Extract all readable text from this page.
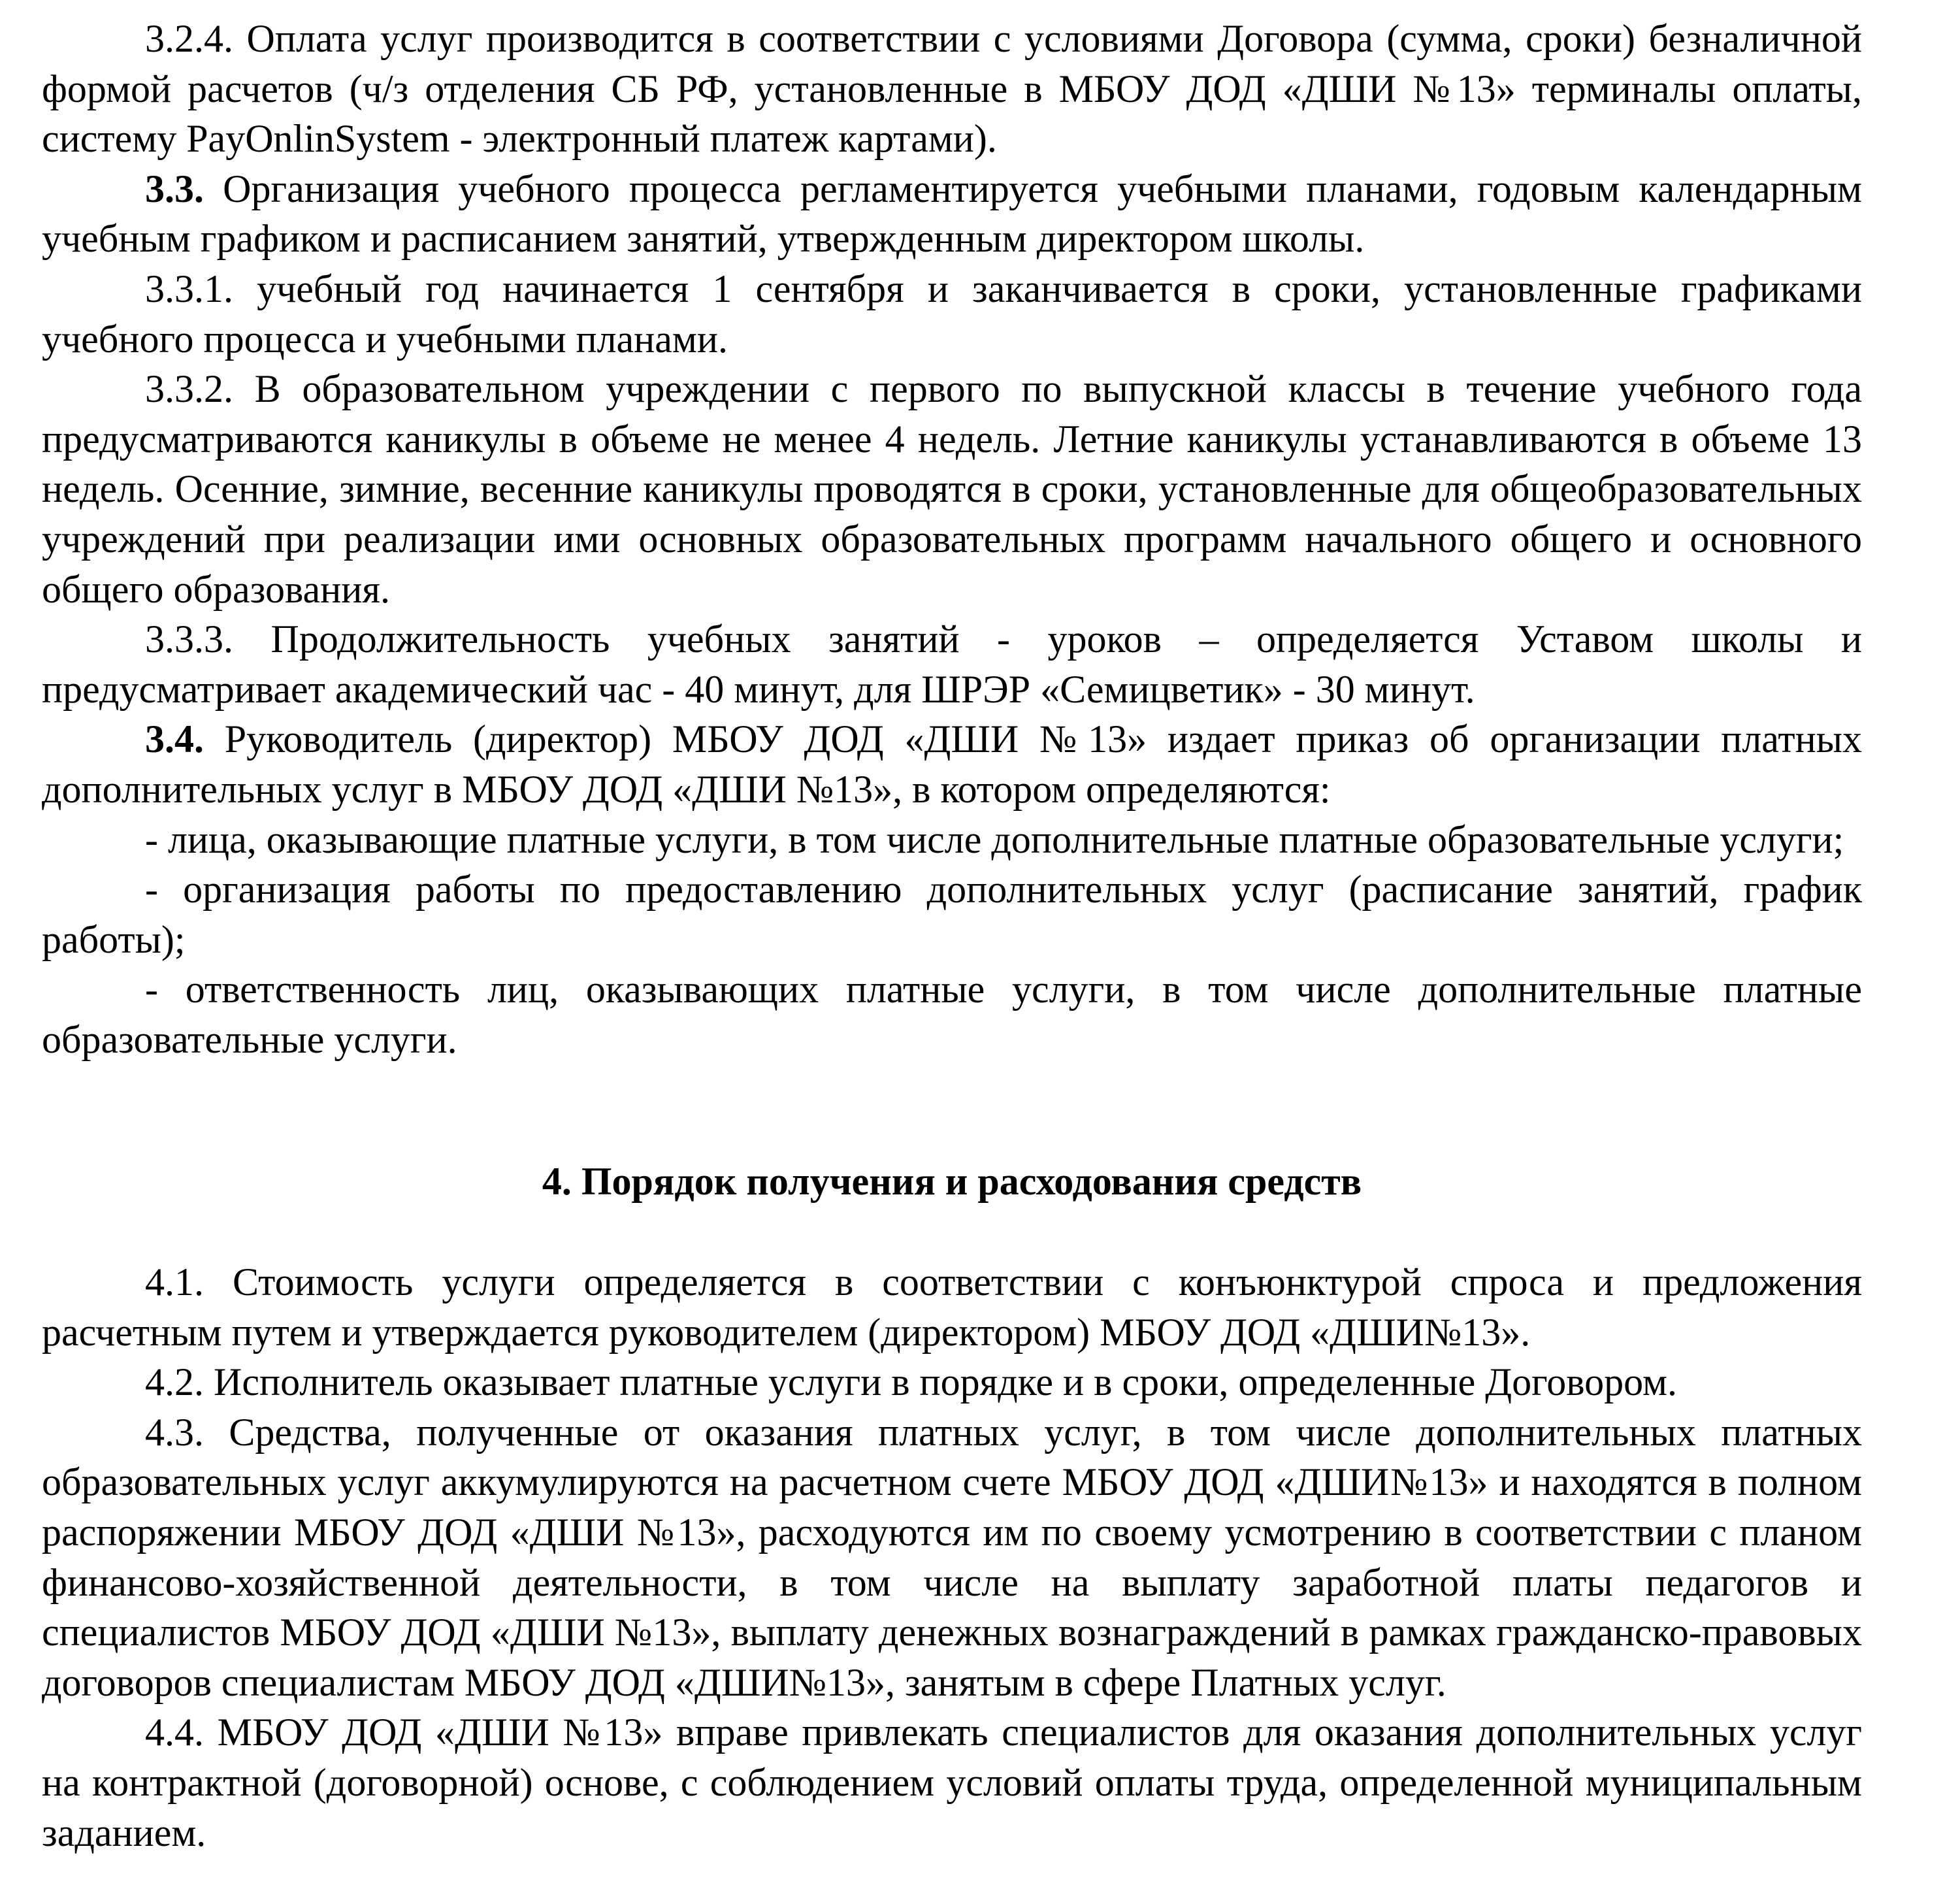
3.2.4. Оплата услуг производится в соответствии с условиями Договора (сумма, сроки) безналичной формой расчетов (ч/з отделения СБ РФ, установленные в МБОУ ДОД «ДШИ №13» терминалы оплаты, систему PayOnlinSystem - электронный платеж картами).

3.3. Организация учебного процесса регламентируется учебными планами, годовым календарным учебным графиком и расписанием занятий, утвержденным директором школы.

3.3.1. учебный год начинается 1 сентября и заканчивается в сроки, установленные графиками учебного процесса и учебными планами.

3.3.2. В образовательном учреждении с первого по выпускной классы в течение учебного года предусматриваются каникулы в объеме не менее 4 недель. Летние каникулы устанавливаются в объеме 13 недель. Осенние, зимние, весенние каникулы проводятся в сроки, установленные для общеобразовательных учреждений при реализации ими основных образовательных программ начального общего и основного общего образования.

3.3.3. Продолжительность учебных занятий - уроков – определяется Уставом школы и предусматривает академический час - 40 минут, для ШРЭР «Семицветик» - 30 минут.

3.4. Руководитель (директор) МБОУ ДОД «ДШИ №13» издает приказ об организации платных дополнительных услуг в МБОУ ДОД «ДШИ №13», в котором определяются:

- лица, оказывающие платные услуги, в том числе дополнительные платные образовательные услуги;

- организация работы по предоставлению дополнительных услуг (расписание занятий, график работы);

- ответственность лиц, оказывающих платные услуги, в том числе дополнительные платные образовательные услуги.

4. Порядок получения и расходования средств

4.1. Стоимость услуги определяется в соответствии с конъюнктурой спроса и предложения расчетным путем и утверждается руководителем (директором) МБОУ ДОД «ДШИ№13».

4.2. Исполнитель оказывает платные услуги в порядке и в сроки, определенные Договором.

4.3. Средства, полученные от оказания платных услуг, в том числе дополнительных платных образовательных услуг аккумулируются на расчетном счете МБОУ ДОД «ДШИ№13» и находятся в полном распоряжении МБОУ ДОД «ДШИ №13», расходуются им по своему усмотрению в соответствии с планом финансово-хозяйственной деятельности, в том числе на выплату заработной платы педагогов и специалистов МБОУ ДОД «ДШИ №13», выплату денежных вознаграждений в рамках гражданско-правовых договоров специалистам МБОУ ДОД «ДШИ№13», занятым в сфере Платных услуг.

4.4. МБОУ ДОД «ДШИ №13» вправе привлекать специалистов для оказания дополнительных услуг на контрактной (договорной) основе, с соблюдением условий оплаты труда, определенной муниципальным заданием.
